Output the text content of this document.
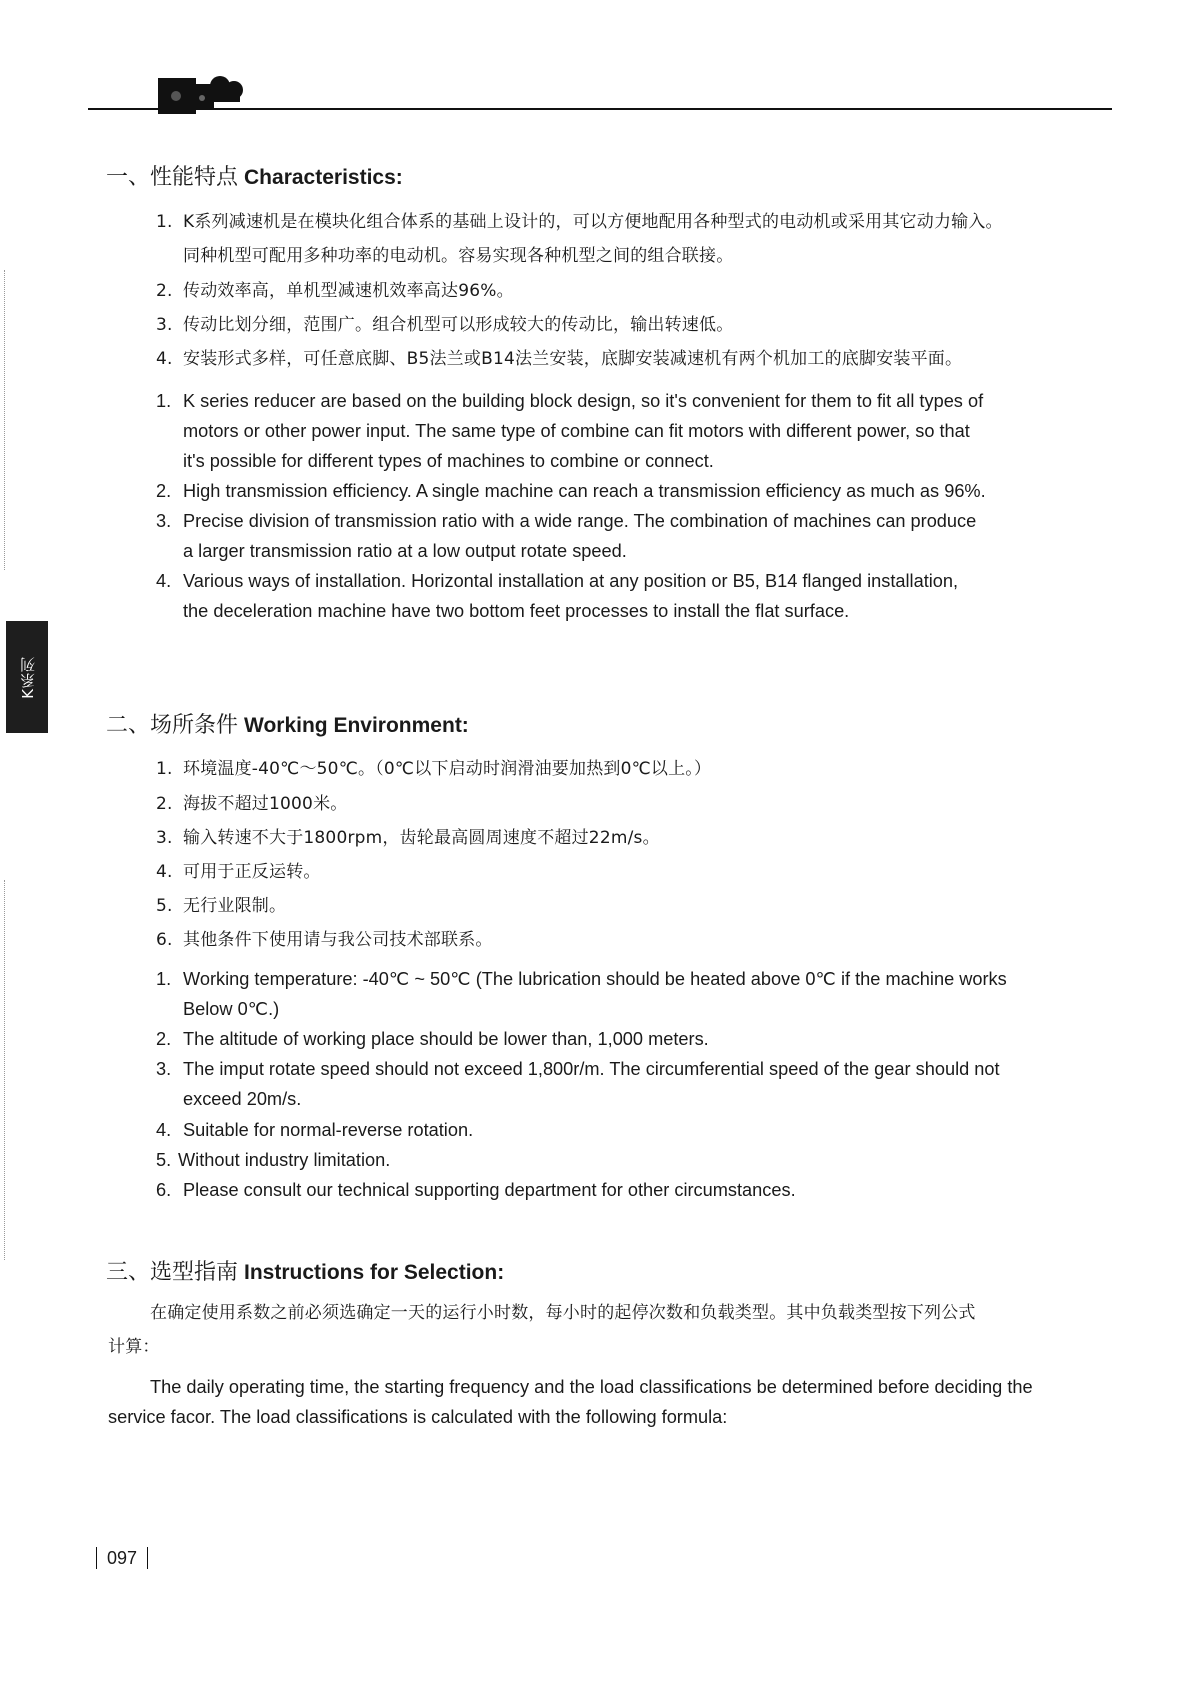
K系列
一、性能特点 Characteristics:
1. K系列减速机是在模块化组合体系的基础上设计的，可以方便地配用各种型式的电动机或采用其它动力输入。
同种机型可配用多种功率的电动机。容易实现各种机型之间的组合联接。
2. 传动效率高，单机型减速机效率高达96%。
3. 传动比划分细，范围广。组合机型可以形成较大的传动比，输出转速低。
4. 安装形式多样，可任意底脚、B5法兰或B14法兰安装，底脚安装减速机有两个机加工的底脚安装平面。
1. K series reducer are based on the building block design, so it's convenient for them to fit all types of
motors or other power input. The same type of combine can fit motors with different power, so that
it's possible for different types of machines to combine or connect.
2. High transmission efficiency. A single machine can reach a transmission efficiency as much as 96%.
3. Precise division of transmission ratio with a wide range. The combination of machines can produce
a larger transmission ratio at a low output rotate speed.
4. Various ways of installation. Horizontal installation at any position or B5, B14 flanged installation,
the deceleration machine have two bottom feet processes to install the flat surface.
二、场所条件 Working Environment:
1. 环境温度-40℃～50℃。（0℃以下启动时润滑油要加热到0℃以上。）
2. 海拔不超过1000米。
3. 输入转速不大于1800rpm，齿轮最高圆周速度不超过22m/s。
4. 可用于正反运转。
5. 无行业限制。
6. 其他条件下使用请与我公司技术部联系。
1. Working temperature: -40℃ ~ 50℃ (The lubrication should be heated above 0℃ if the machine works
Below 0℃.)
2. The altitude of working place should be lower than, 1,000 meters.
3. The imput rotate speed should not exceed 1,800r/m. The circumferential speed of the gear should not
exceed 20m/s.
4. Suitable for normal-reverse rotation.
5. Without industry limitation.
6. Please consult our technical supporting department for other circumstances.
三、选型指南 Instructions for Selection:
在确定使用系数之前必须选确定一天的运行小时数，每小时的起停次数和负载类型。其中负载类型按下列公式
计算：
The daily operating time, the starting frequency and the load classifications be determined before deciding the
service facor. The load classifications is calculated with the following formula:
097
